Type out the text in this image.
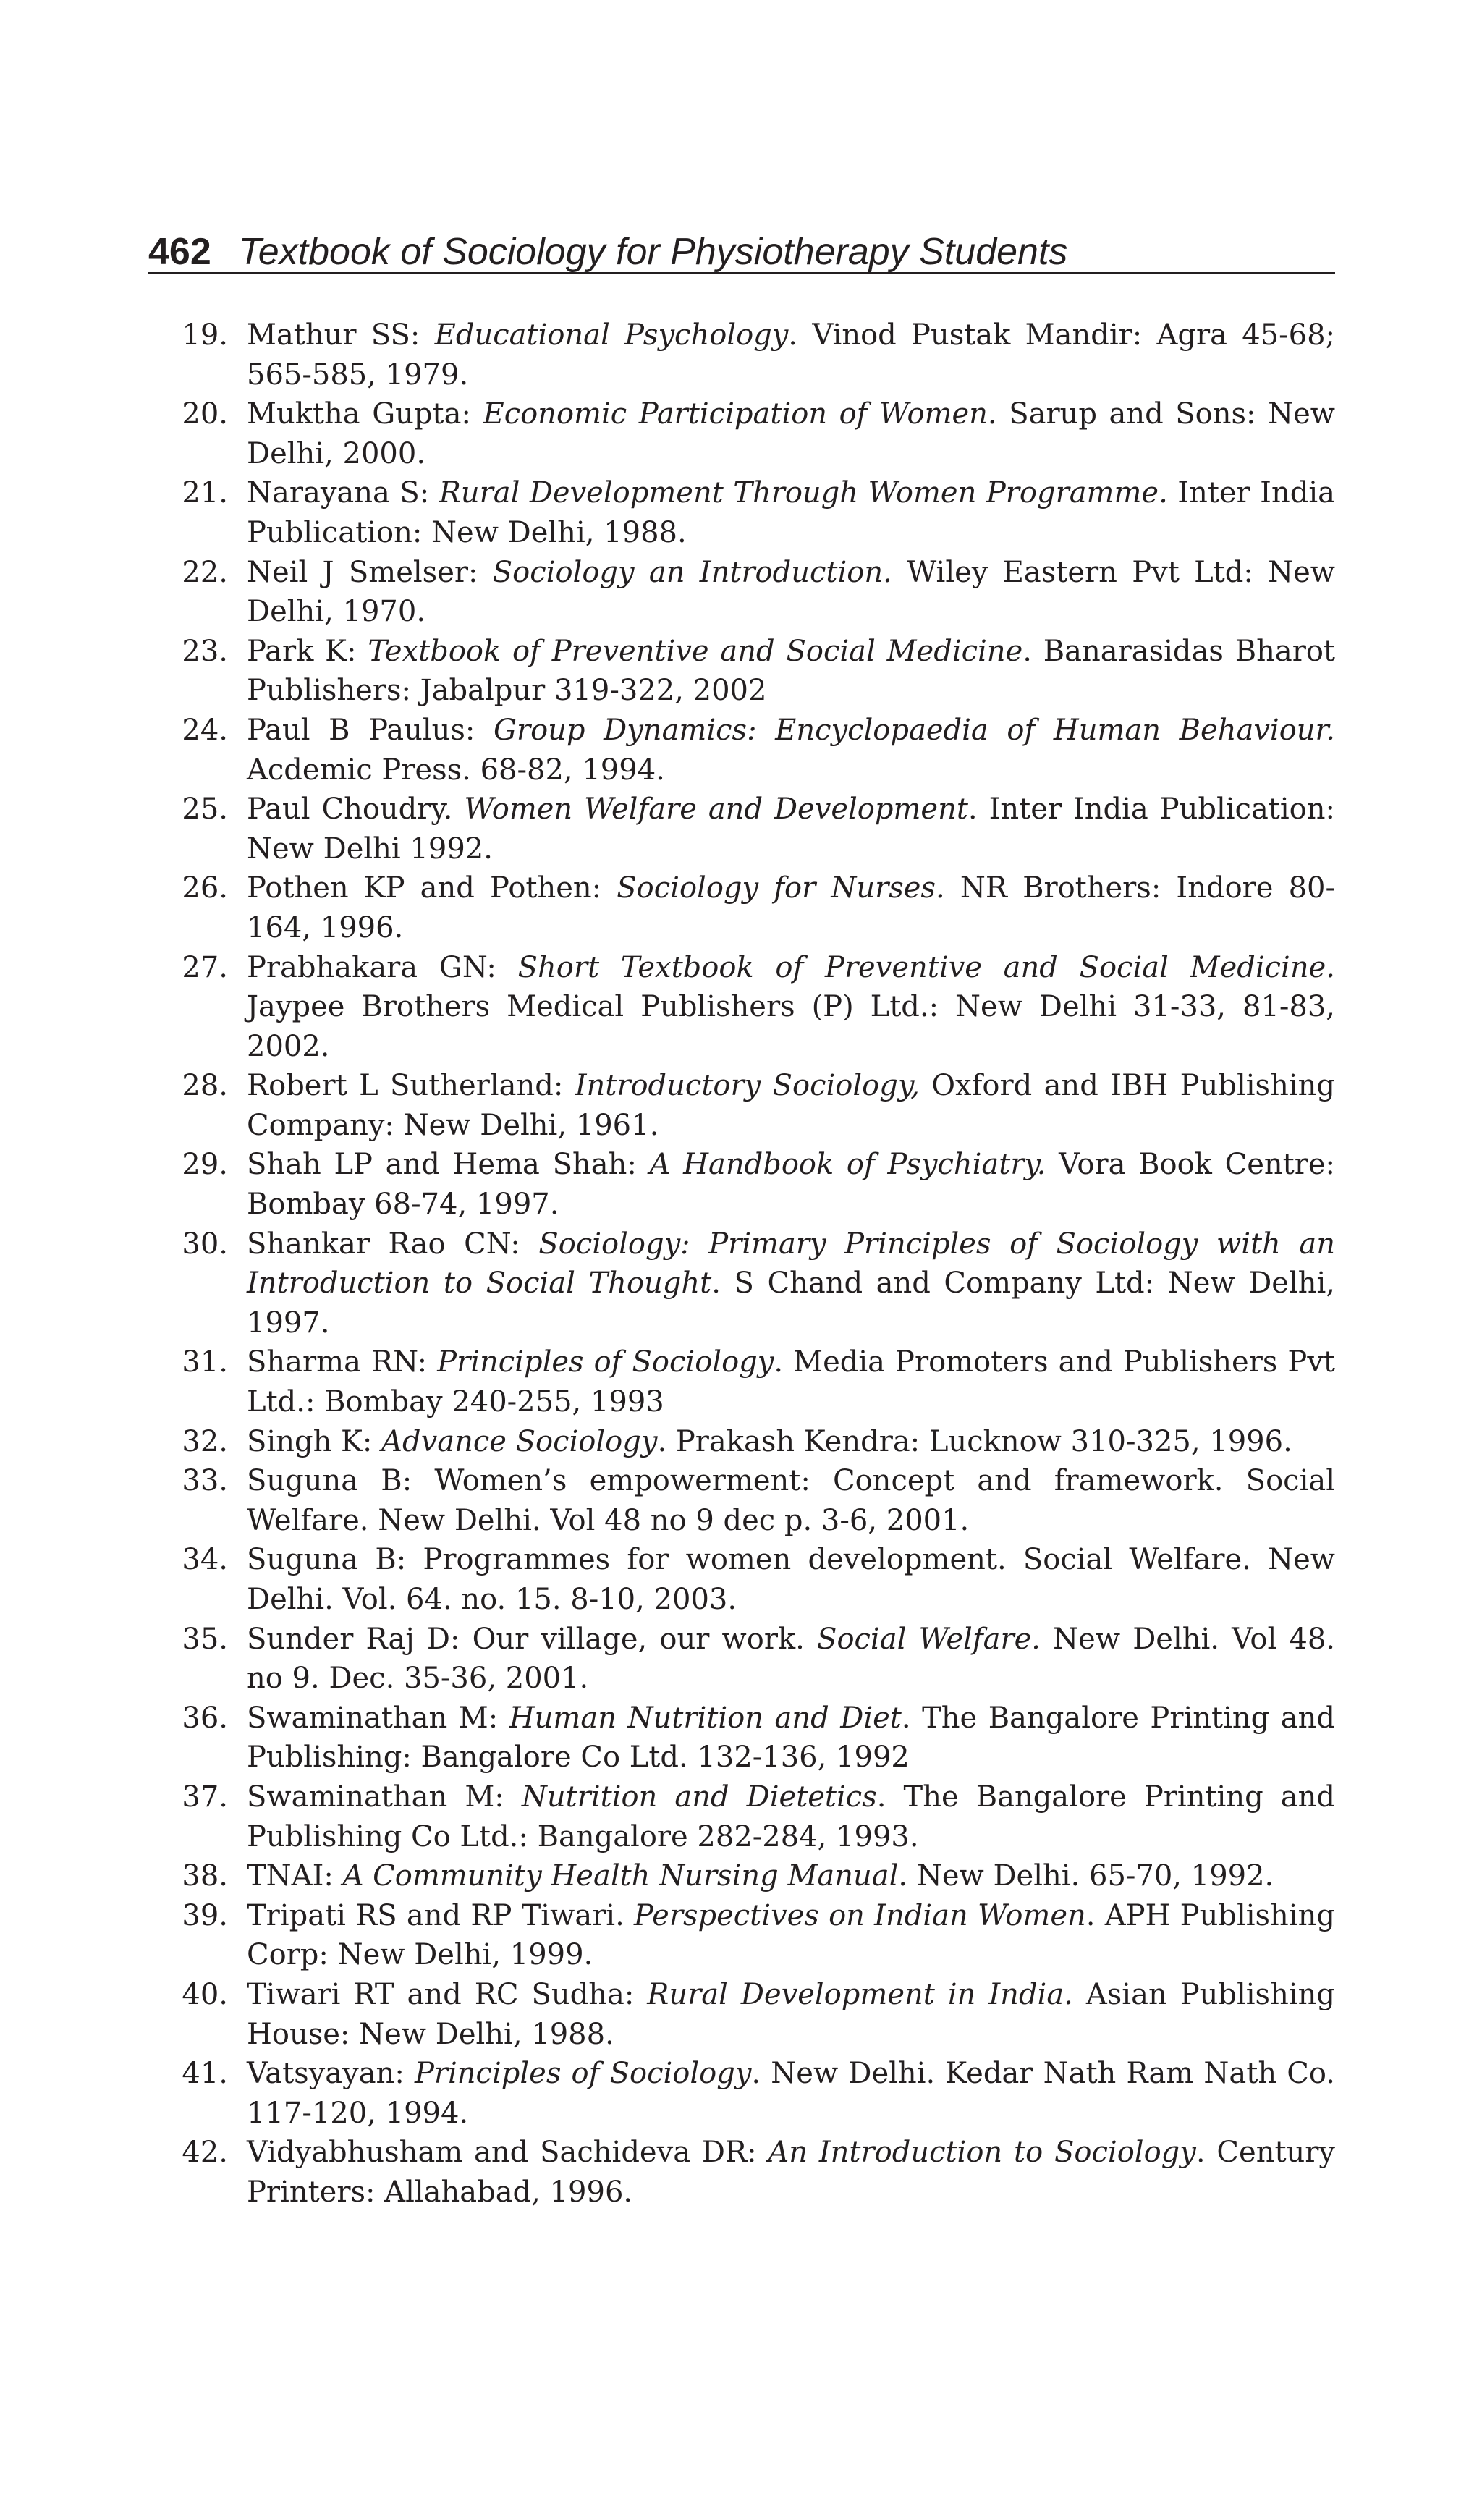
462 Textbook of Sociology for Physiotherapy Students
19. Mathur SS: Educational Psychology. Vinod Pustak Mandir: Agra 45-68; 565-585, 1979.
20. Muktha Gupta: Economic Participation of Women. Sarup and Sons: New Delhi, 2000.
21. Narayana S: Rural Development Through Women Programme. Inter India Publication: New Delhi, 1988.
22. Neil J Smelser: Sociology an Introduction. Wiley Eastern Pvt Ltd: New Delhi, 1970.
23. Park K: Textbook of Preventive and Social Medicine. Banarasidas Bharot Publishers: Jabalpur 319-322, 2002
24. Paul B Paulus: Group Dynamics: Encyclopaedia of Human Behaviour. Acdemic Press. 68-82, 1994.
25. Paul Choudry. Women Welfare and Development. Inter India Publication: New Delhi 1992.
26. Pothen KP and Pothen: Sociology for Nurses. NR Brothers: Indore 80-164, 1996.
27. Prabhakara GN: Short Textbook of Preventive and Social Medicine. Jaypee Brothers Medical Publishers (P) Ltd.: New Delhi 31-33, 81-83, 2002.
28. Robert L Sutherland: Introductory Sociology, Oxford and IBH Publishing Company: New Delhi, 1961.
29. Shah LP and Hema Shah: A Handbook of Psychiatry. Vora Book Centre: Bombay 68-74, 1997.
30. Shankar Rao CN: Sociology: Primary Principles of Sociology with an Introduction to Social Thought. S Chand and Company Ltd: New Delhi, 1997.
31. Sharma RN: Principles of Sociology. Media Promoters and Publishers Pvt Ltd.: Bombay 240-255, 1993
32. Singh K: Advance Sociology. Prakash Kendra: Lucknow 310-325, 1996.
33. Suguna B: Women’s empowerment: Concept and framework. Social Welfare. New Delhi. Vol 48 no 9 dec p. 3-6, 2001.
34. Suguna B: Programmes for women development. Social Welfare. New Delhi. Vol. 64. no. 15. 8-10, 2003.
35. Sunder Raj D: Our village, our work. Social Welfare. New Delhi. Vol 48. no 9. Dec. 35-36, 2001.
36. Swaminathan M: Human Nutrition and Diet. The Bangalore Printing and Publishing: Bangalore Co Ltd. 132-136, 1992
37. Swaminathan M: Nutrition and Dietetics. The Bangalore Printing and Publishing Co Ltd.: Bangalore 282-284, 1993.
38. TNAI: A Community Health Nursing Manual. New Delhi. 65-70, 1992.
39. Tripati RS and RP Tiwari. Perspectives on Indian Women. APH Publishing Corp: New Delhi, 1999.
40. Tiwari RT and RC Sudha: Rural Development in India. Asian Publishing House: New Delhi, 1988.
41. Vatsyayan: Principles of Sociology. New Delhi. Kedar Nath Ram Nath Co. 117-120, 1994.
42. Vidyabhusham and Sachideva DR: An Introduction to Sociology. Century Printers: Allahabad, 1996.
